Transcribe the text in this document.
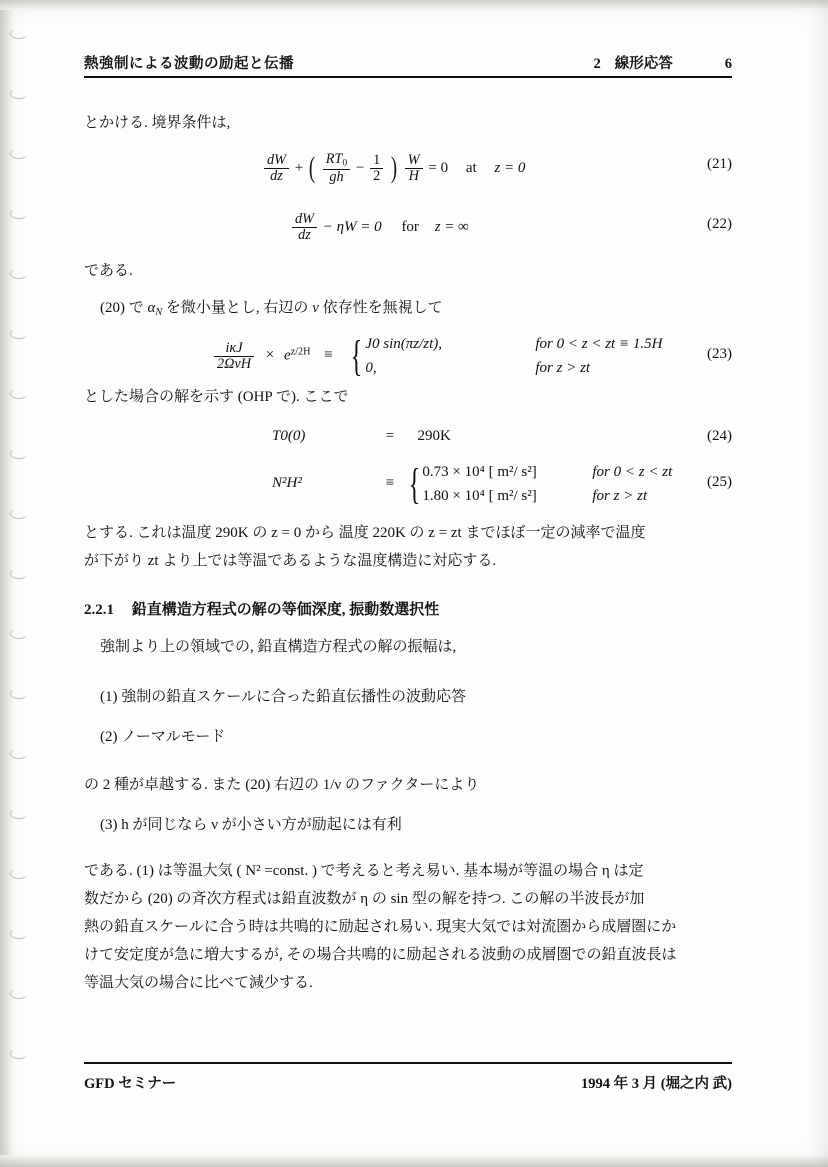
熱強制による波動の励起と伝播	2 線形応答	6
とかける. 境界条件は,
$\frac{dW}{dz}$ + ( $\frac{RT_0}{gh} - \frac{1}{2}$ ) $\frac{W}{H} = 0$ at z = 0	(21)
$\frac{dW}{dz} - \eta W = 0$ for z = ∞	(22)
である.
(20) で αN を微小量とし, 右辺の ν 依存性を無視して
$\frac{\text{iκJ}}{\text{2ΩνH}} \times e^{z/2H}$ ≡ { J0 sin(πz/zt),	for 0 < z < zt ≡ 1.5H
0,	for z > zt
(23)
とした場合の解を示す (OHP で). ここで
T0(0)	= 290K	(24)
N²H²	≡ { 0.73 × 10⁴ [ m²/ s²]	for 0 < z < zt
1.80 × 10⁴ [ m²/ s²]	for z > zt
(25)
とする. これは温度 290K の z = 0 から 温度 220K の z = zt までほぼ一定の減率で温度
が下がり zt より上では等温であるような温度構造に対応する.
2.2.1 鉛直構造方程式の解の等価深度, 振動数選択性
強制より上の領域での, 鉛直構造方程式の解の振幅は,
(1) 強制の鉛直スケールに合った鉛直伝播性の波動応答
(2) ノーマルモード
の 2 種が卓越する. また (20) 右辺の 1/ν のファクターにより
(3) h が同じなら ν が小さい方が励起には有利
である. (1) は等温大気 ( N² =const. ) で考えると考え易い. 基本場が等温の場合 η は定
数だから (20) の斉次方程式は鉛直波数が η の sin 型の解を持つ. この解の半波長が加
熱の鉛直スケールに合う時は共鳴的に励起され易い. 現実大気では対流圏から成層圏にか
けて安定度が急に増大するが, その場合共鳴的に励起される波動の成層圏での鉛直波長は
等温大気の場合に比べて減少する.
GFD セミナー	1994 年 3 月 (堀之内 武)
